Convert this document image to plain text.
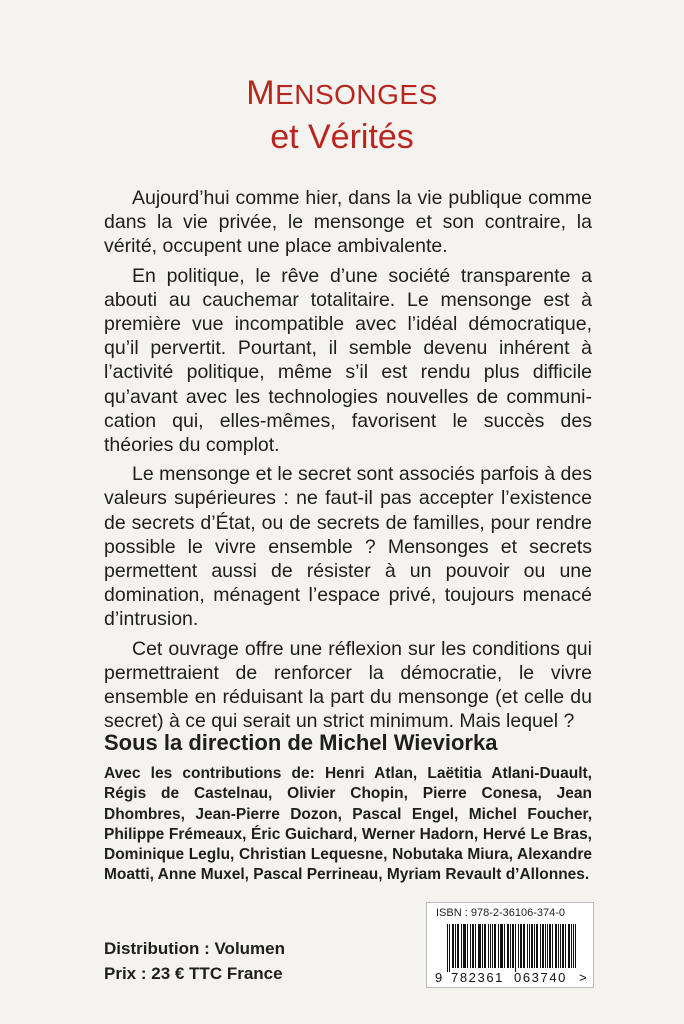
MENSONGES
et Vérités

Aujourd’hui comme hier, dans la vie publique comme dans la vie privée, le mensonge et son contraire, la vérité, occupent une place ambivalente.

En politique, le rêve d’une société transparente a abouti au cauchemar totalitaire. Le mensonge est à première vue incompatible avec l’idéal démocratique, qu’il pervertit. Pourtant, il semble devenu inhérent à l’activité politique, même s’il est rendu plus difficile qu’avant avec les technologies nouvelles de communication qui, elles-mêmes, favorisent le succès des théories du complot.

Le mensonge et le secret sont associés parfois à des valeurs supérieures : ne faut-il pas accepter l’existence de secrets d’État, ou de secrets de familles, pour rendre possible le vivre ensemble ? Mensonges et secrets permettent aussi de résister à un pouvoir ou une domination, ménagent l’espace privé, toujours menacé d’intrusion.

Cet ouvrage offre une réflexion sur les conditions qui permettraient de renforcer la démocratie, le vivre ensemble en réduisant la part du mensonge (et celle du secret) à ce qui serait un strict minimum. Mais lequel ?

Sous la direction de Michel Wieviorka
Avec les contributions de: Henri Atlan, Laëtitia Atlani-Duault, Régis de Castelnau, Olivier Chopin, Pierre Conesa, Jean Dhombres, Jean-Pierre Dozon, Pascal Engel, Michel Foucher, Philippe Frémeaux, Éric Guichard, Werner Hadorn, Hervé Le Bras, Dominique Leglu, Christian Lequesne, Nobutaka Miura, Alexandre Moatti, Anne Muxel, Pascal Perrineau, Myriam Revault d’Allonnes.
ISBN : 978-2-36106-374-0
9 782361 063740 >
Distribution : Volumen
Prix : 23 € TTC France
